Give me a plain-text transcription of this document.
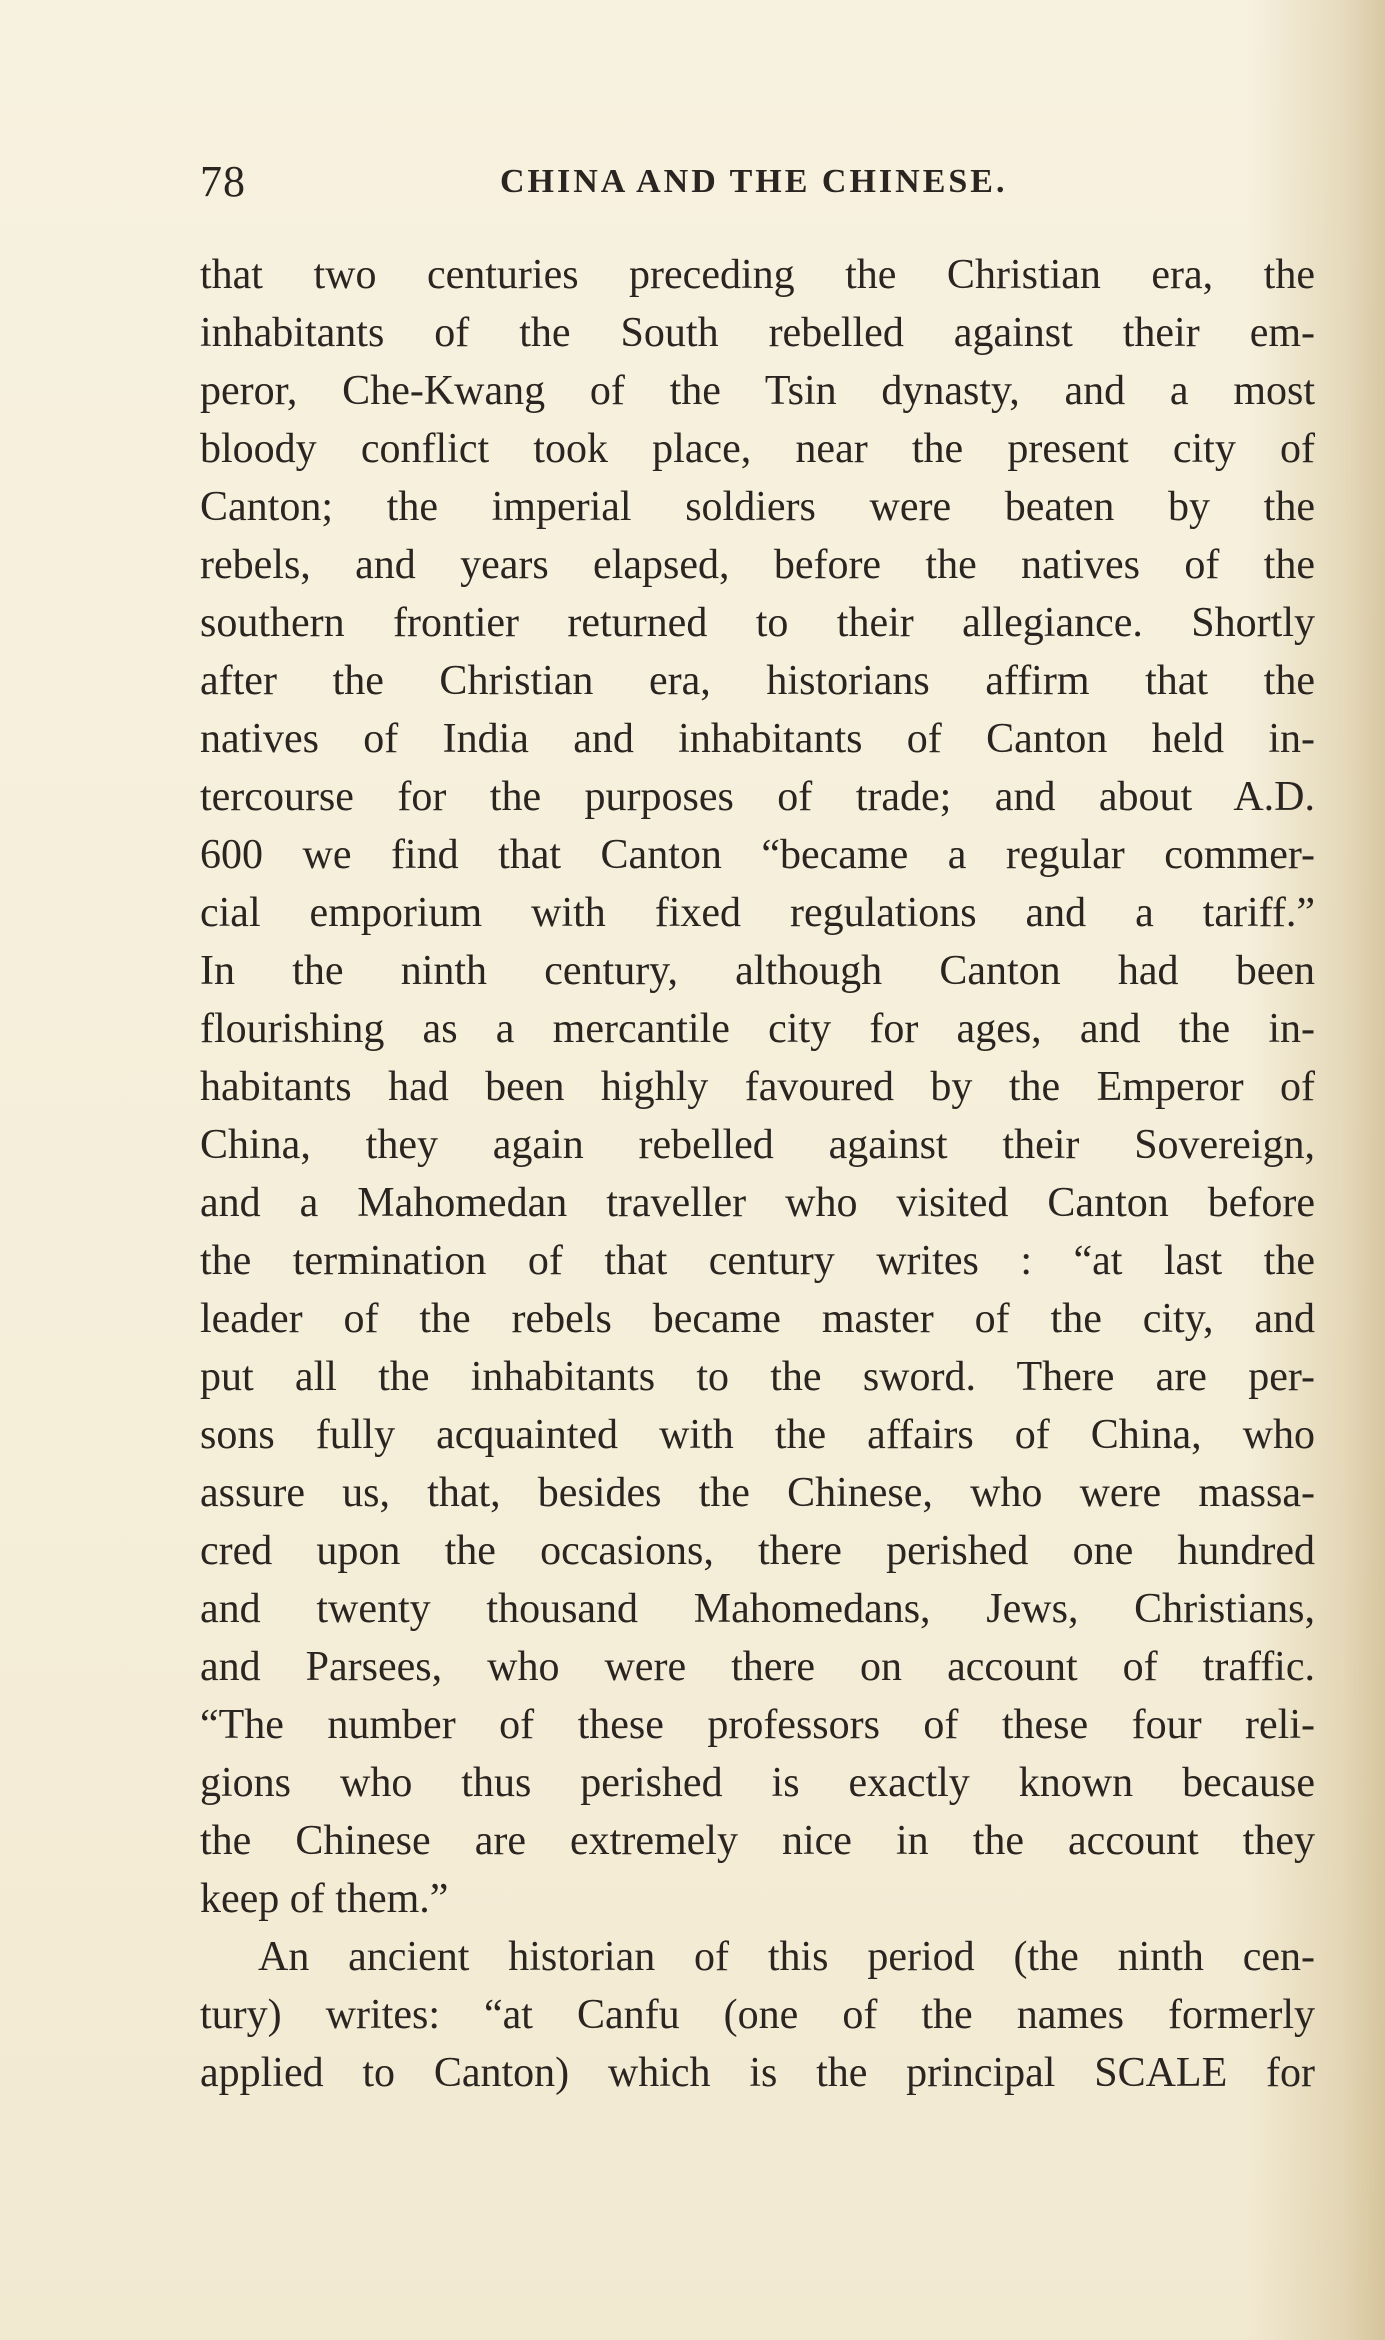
78	CHINA AND THE CHINESE.
that two centuries preceding the Christian era, the
inhabitants of the South rebelled against their em-
peror, Che-Kwang of the Tsin dynasty, and a most
bloody conflict took place, near the present city of
Canton; the imperial soldiers were beaten by the
rebels, and years elapsed, before the natives of the
southern frontier returned to their allegiance. Shortly
after the Christian era, historians affirm that the
natives of India and inhabitants of Canton held in-
tercourse for the purposes of trade; and about A.D.
600 we find that Canton “became a regular commer-
cial emporium with fixed regulations and a tariff.”
In the ninth century, although Canton had been
flourishing as a mercantile city for ages, and the in-
habitants had been highly favoured by the Emperor of
China, they again rebelled against their Sovereign,
and a Mahomedan traveller who visited Canton before
the termination of that century writes : “at last the
leader of the rebels became master of the city, and
put all the inhabitants to the sword. There are per-
sons fully acquainted with the affairs of China, who
assure us, that, besides the Chinese, who were massa-
cred upon the occasions, there perished one hundred
and twenty thousand Mahomedans, Jews, Christians,
and Parsees, who were there on account of traffic.
“The number of these professors of these four reli-
gions who thus perished is exactly known because
the Chinese are extremely nice in the account they
keep of them.”
An ancient historian of this period (the ninth cen-
tury) writes: “at Canfu (one of the names formerly
applied to Canton) which is the principal SCALE for
